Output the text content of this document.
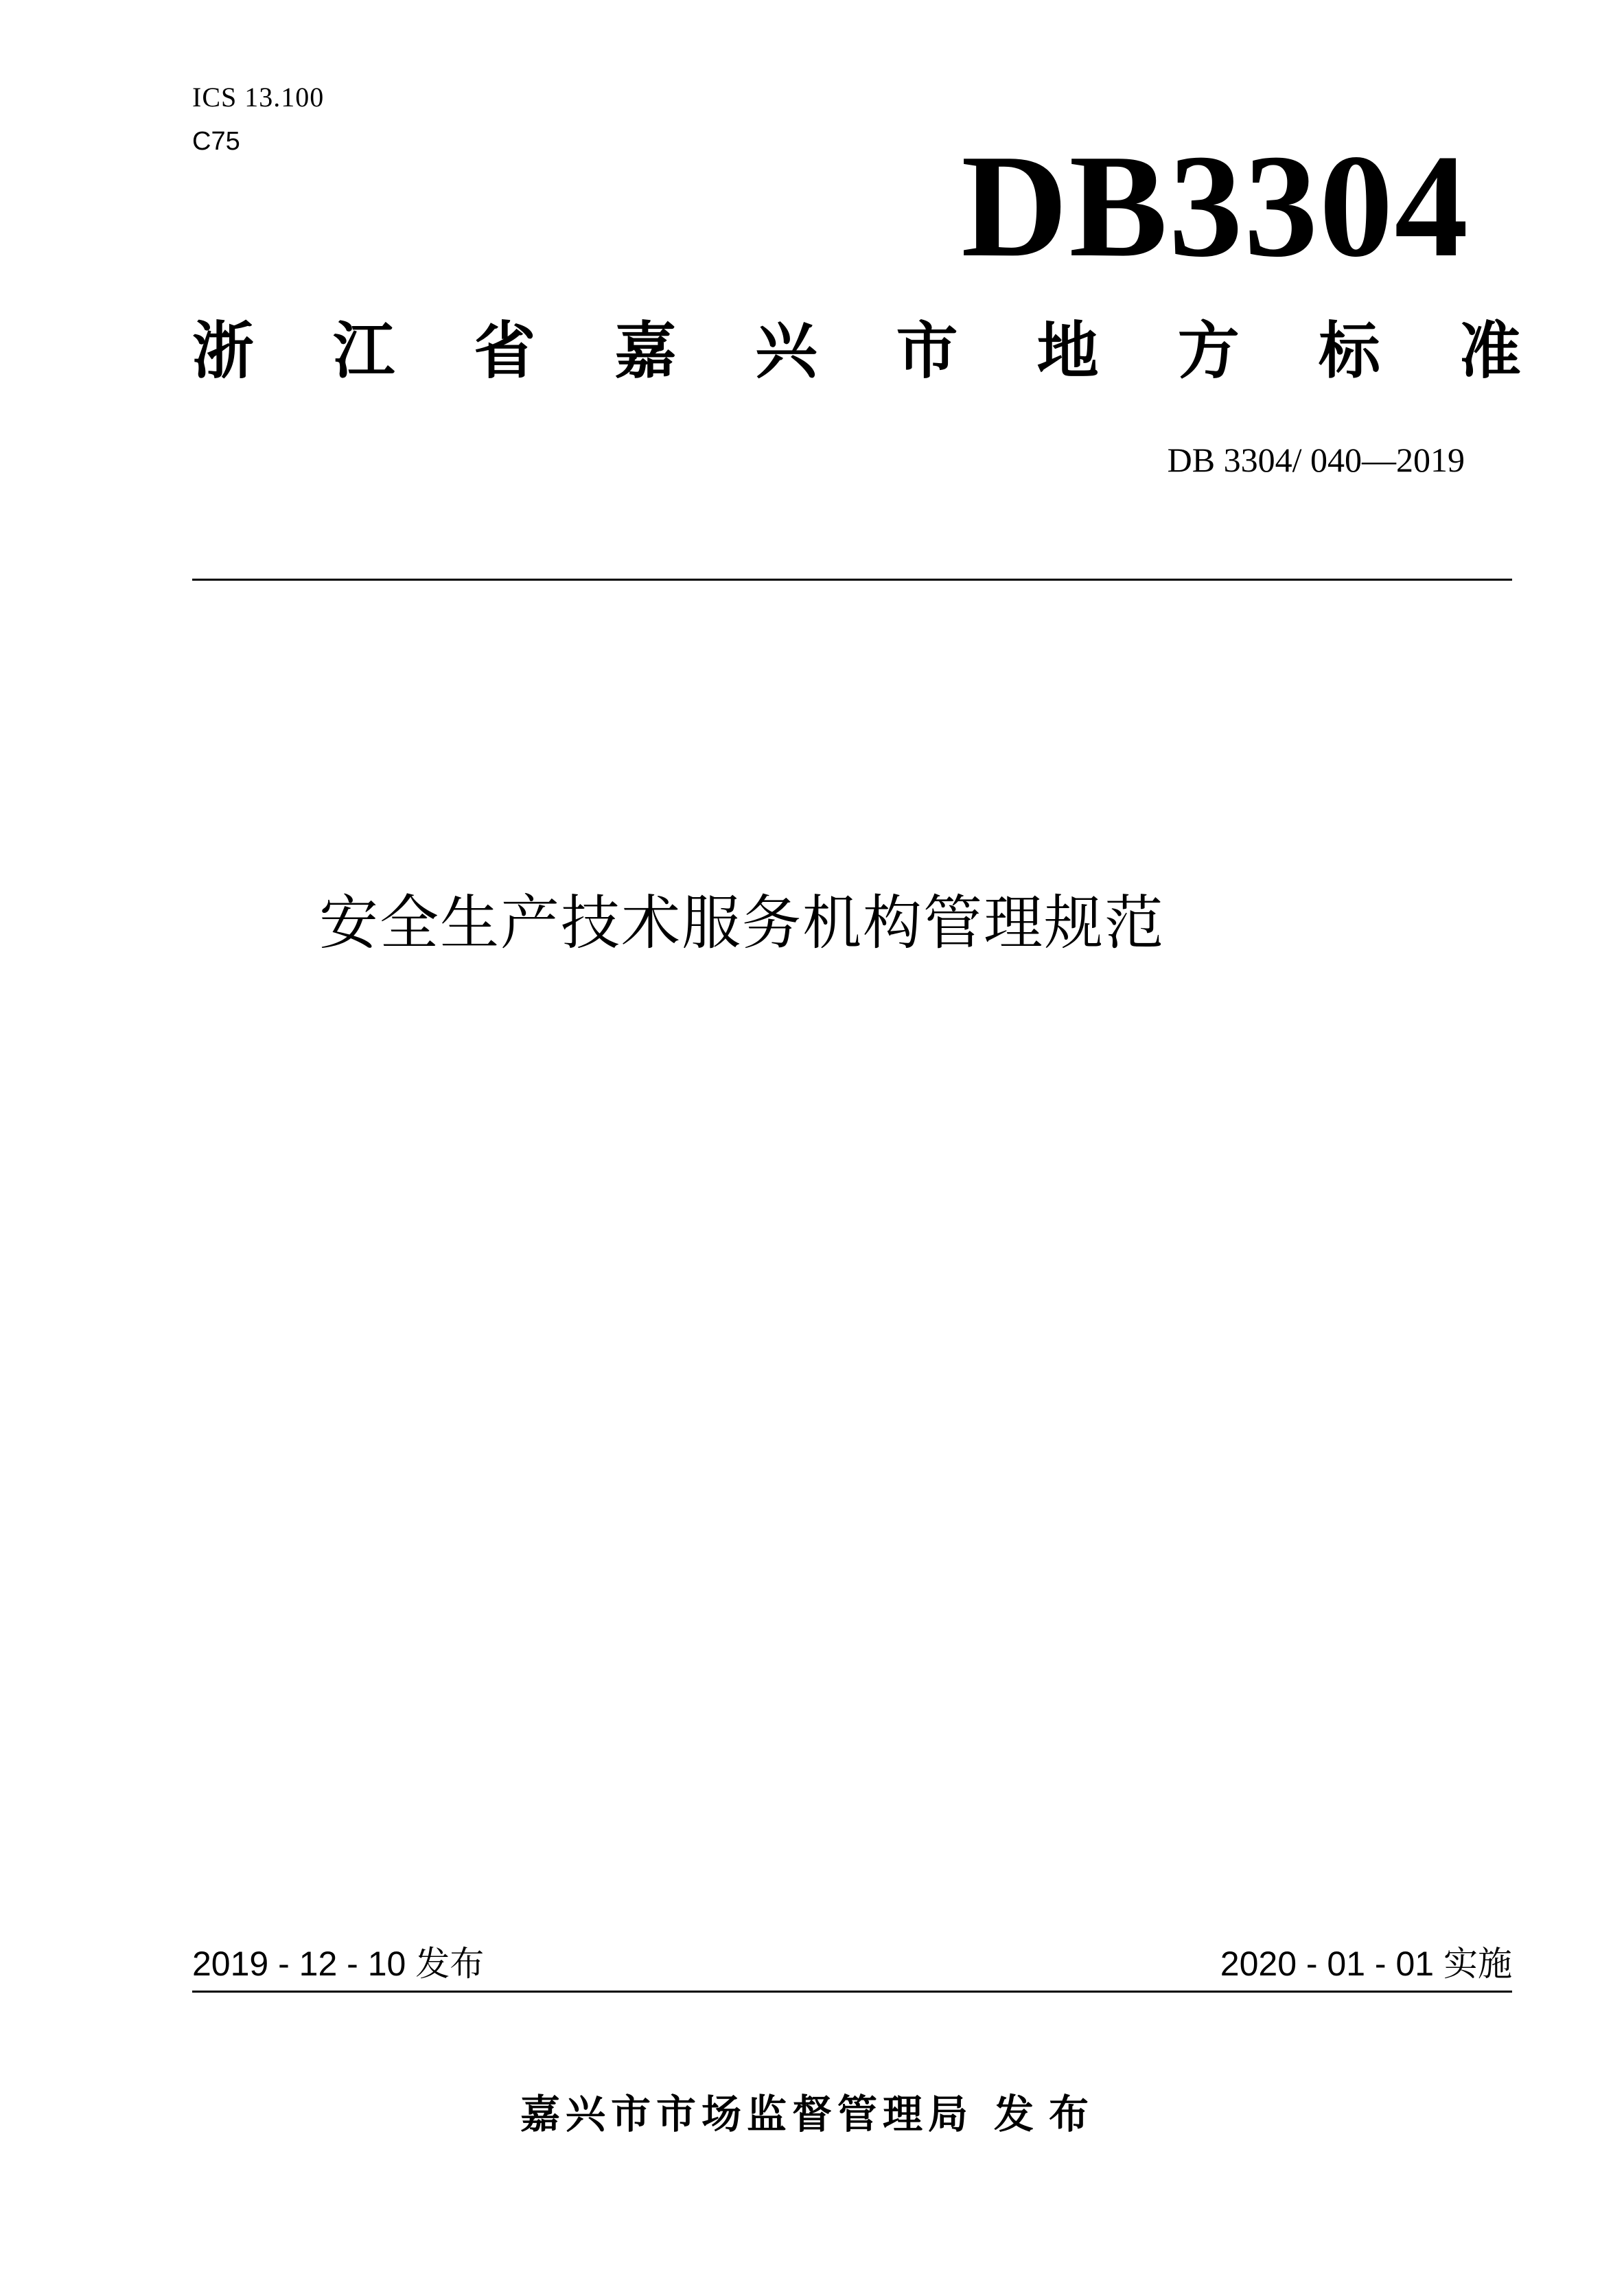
ICS 13.100
C75	DB3304
浙 江 省 嘉 兴 市 地 方 标 准
DB 3304/ 040—2019
安全生产技术服务机构管理规范
2019 - 12 - 10 发布	2020 - 01 - 01 实施
嘉兴市市场监督管理局 发布
